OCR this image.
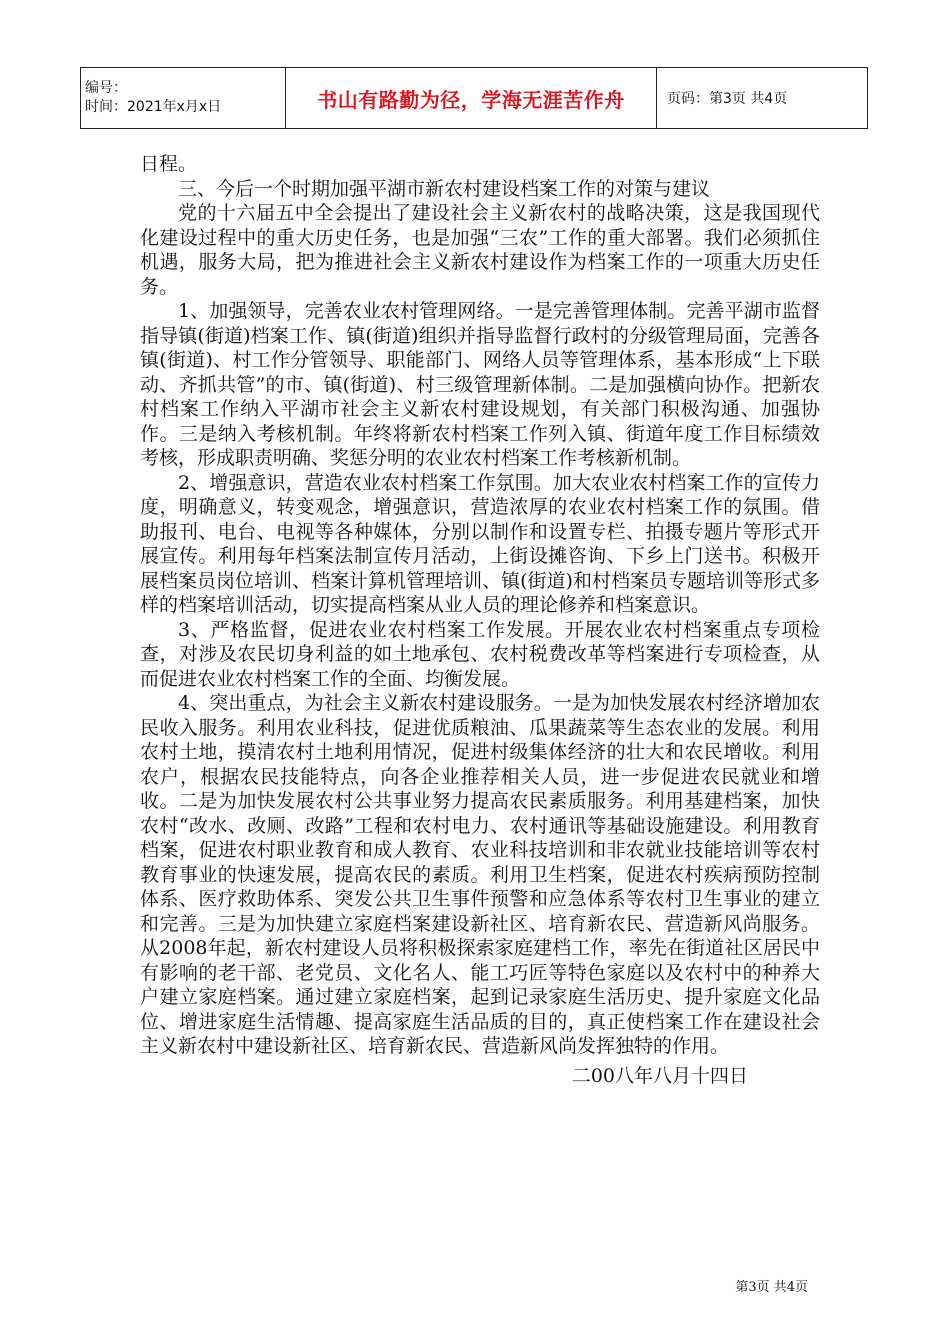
编号：
时间：2021年x月x日	书山有路勤为径，学海无涯苦作舟	页码：第3页 共4页

日程。

三、今后一个时期加强平湖市新农村建设档案工作的对策与建议

党的十六届五中全会提出了建设社会主义新农村的战略决策，这是我国现代化建设过程中的重大历史任务，也是加强“三农”工作的重大部署。我们必须抓住机遇，服务大局，把为推进社会主义新农村建设作为档案工作的一项重大历史任务。

1、加强领导，完善农业农村管理网络。一是完善管理体制。完善平湖市监督指导镇(街道)档案工作、镇(街道)组织并指导监督行政村的分级管理局面，完善各镇(街道)、村工作分管领导、职能部门、网络人员等管理体系，基本形成“上下联动、齐抓共管”的市、镇(街道)、村三级管理新体制。二是加强横向协作。把新农村档案工作纳入平湖市社会主义新农村建设规划，有关部门积极沟通、加强协作。三是纳入考核机制。年终将新农村档案工作列入镇、街道年度工作目标绩效考核，形成职责明确、奖惩分明的农业农村档案工作考核新机制。

2、增强意识，营造农业农村档案工作氛围。加大农业农村档案工作的宣传力度，明确意义，转变观念，增强意识，营造浓厚的农业农村档案工作的氛围。借助报刊、电台、电视等各种媒体，分别以制作和设置专栏、拍摄专题片等形式开展宣传。利用每年档案法制宣传月活动，上街设摊咨询、下乡上门送书。积极开展档案员岗位培训、档案计算机管理培训、镇(街道)和村档案员专题培训等形式多样的档案培训活动，切实提高档案从业人员的理论修养和档案意识。

3、严格监督，促进农业农村档案工作发展。开展农业农村档案重点专项检查，对涉及农民切身利益的如土地承包、农村税费改革等档案进行专项检查，从而促进农业农村档案工作的全面、均衡发展。

4、突出重点，为社会主义新农村建设服务。一是为加快发展农村经济增加农民收入服务。利用农业科技，促进优质粮油、瓜果蔬菜等生态农业的发展。利用农村土地，摸清农村土地利用情况，促进村级集体经济的壮大和农民增收。利用农户，根据农民技能特点，向各企业推荐相关人员，进一步促进农民就业和增收。二是为加快发展农村公共事业努力提高农民素质服务。利用基建档案，加快农村“改水、改厕、改路”工程和农村电力、农村通讯等基础设施建设。利用教育档案，促进农村职业教育和成人教育、农业科技培训和非农就业技能培训等农村教育事业的快速发展，提高农民的素质。利用卫生档案，促进农村疾病预防控制体系、医疗救助体系、突发公共卫生事件预警和应急体系等农村卫生事业的建立和完善。三是为加快建立家庭档案建设新社区、培育新农民、营造新风尚服务。从2008年起，新农村建设人员将积极探索家庭建档工作，率先在街道社区居民中有影响的老干部、老党员、文化名人、能工巧匠等特色家庭以及农村中的种养大户建立家庭档案。通过建立家庭档案，起到记录家庭生活历史、提升家庭文化品位、增进家庭生活情趣、提高家庭生活品质的目的，真正使档案工作在建设社会主义新农村中建设新社区、培育新农民、营造新风尚发挥独特的作用。

二00八年八月十四日

第3页 共4页
